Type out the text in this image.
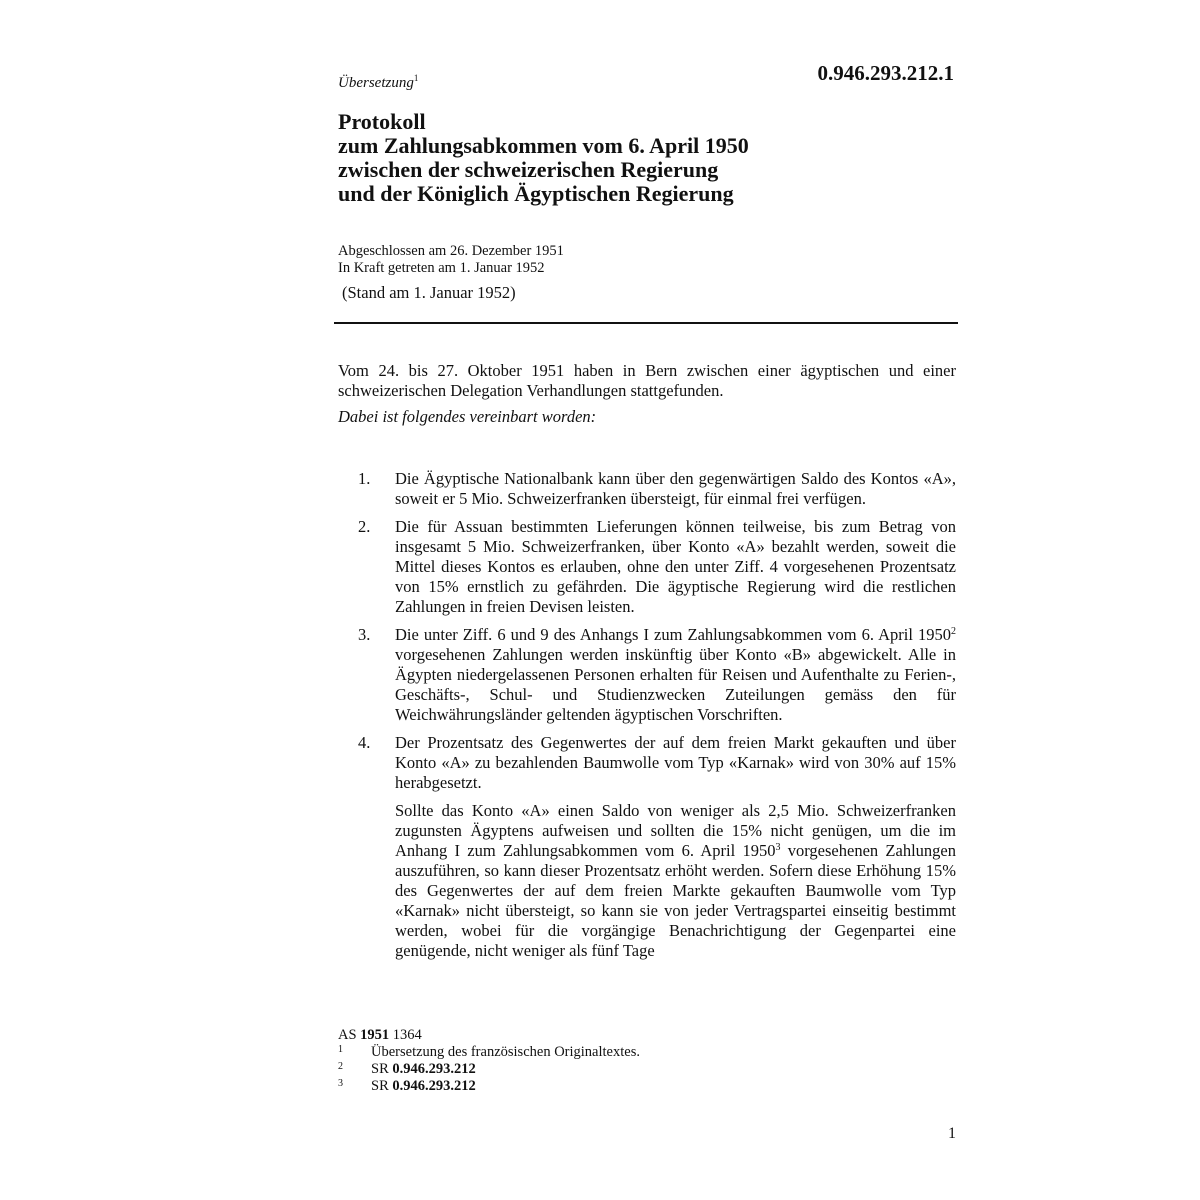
Übersetzung$^1$	0.946.293.212.1
Protokoll
zum Zahlungsabkommen vom 6. April 1950
zwischen der schweizerischen Regierung
und der Königlich Ägyptischen Regierung
Abgeschlossen am 26. Dezember 1951
In Kraft getreten am 1. Januar 1952
(Stand am 1. Januar 1952)

Vom 24. bis 27. Oktober 1951 haben in Bern zwischen einer ägyptischen und einer schweizerischen Delegation Verhandlungen stattgefunden.

Dabei ist folgendes vereinbart worden:

1. Die Ägyptische Nationalbank kann über den gegenwärtigen Saldo des Kontos «A», soweit er 5 Mio. Schweizerfranken übersteigt, für einmal frei verfügen.

2. Die für Assuan bestimmten Lieferungen können teilweise, bis zum Betrag von insgesamt 5 Mio. Schweizerfranken, über Konto «A» bezahlt werden, soweit die Mittel dieses Kontos es erlauben, ohne den unter Ziff. 4 vorgesehenen Prozentsatz von 15% ernstlich zu gefährden. Die ägyptische Regierung wird die restlichen Zahlungen in freien Devisen leisten.

3. Die unter Ziff. 6 und 9 des Anhangs I zum Zahlungsabkommen vom 6. April 1950$^2$ vorgesehenen Zahlungen werden inskünftig über Konto «B» abgewickelt. Alle in Ägypten niedergelassenen Personen erhalten für Reisen und Aufenthalte zu Ferien-, Geschäfts-, Schul- und Studienzwecken Zuteilungen gemäss den für Weichwährungsländer geltenden ägyptischen Vorschriften.

4. Der Prozentsatz des Gegenwertes der auf dem freien Markt gekauften und über Konto «A» zu bezahlenden Baumwolle vom Typ «Karnak» wird von 30% auf 15% herabgesetzt.

Sollte das Konto «A» einen Saldo von weniger als 2,5 Mio. Schweizerfranken zugunsten Ägyptens aufweisen und sollten die 15% nicht genügen, um die im Anhang I zum Zahlungsabkommen vom 6. April 1950$^3$ vorgesehenen Zahlungen auszuführen, so kann dieser Prozentsatz erhöht werden. Sofern diese Erhöhung 15% des Gegenwertes der auf dem freien Markte gekauften Baumwolle vom Typ «Karnak» nicht übersteigt, so kann sie von jeder Vertragspartei einseitig bestimmt werden, wobei für die vorgängige Benachrichtigung der Gegenpartei eine genügende, nicht weniger als fünf Tage

AS 1951 1364
1 Übersetzung des französischen Originaltextes.
2 SR 0.946.293.212
3 SR 0.946.293.212
1
